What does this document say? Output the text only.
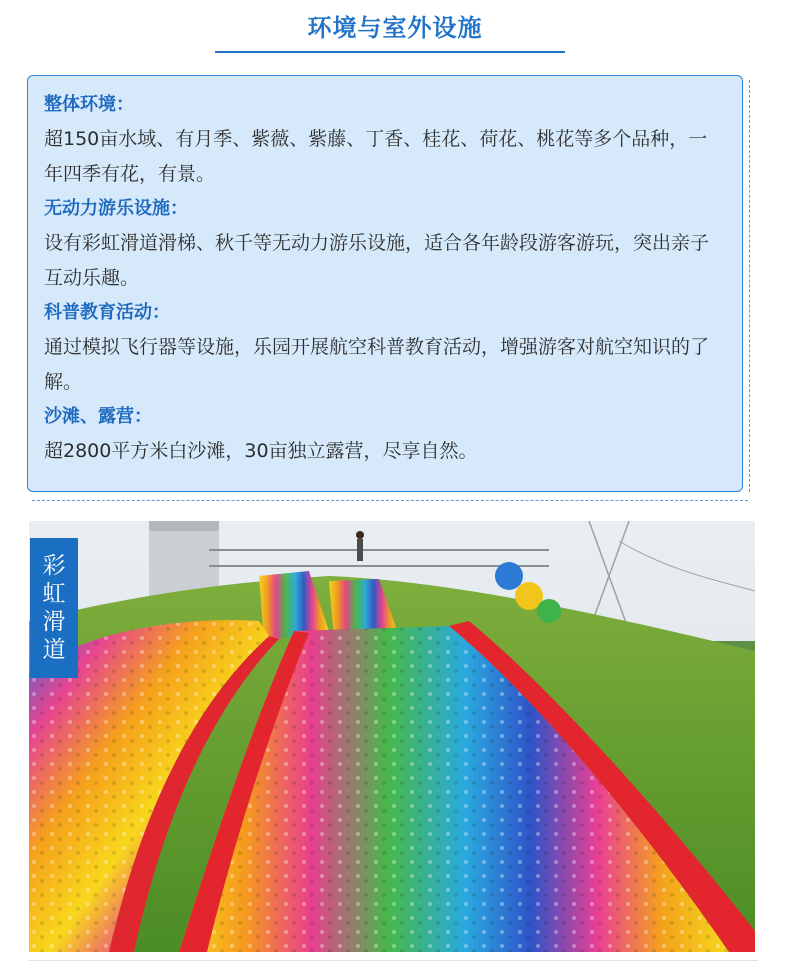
环境与室外设施

整体环境：

超150亩水域、有月季、紫薇、紫藤、丁香、桂花、荷花、桃花等多个品种，一年四季有花，有景。

无动力游乐设施：

设有彩虹滑道滑梯、秋千等无动力游乐设施，适合各年龄段游客游玩，突出亲子互动乐趣。

科普教育活动：

通过模拟飞行器等设施，乐园开展航空科普教育活动，增强游客对航空知识的了解。

沙滩、露营：

超2800平方米白沙滩，30亩独立露营，尽享自然。

彩
虹
滑
道
